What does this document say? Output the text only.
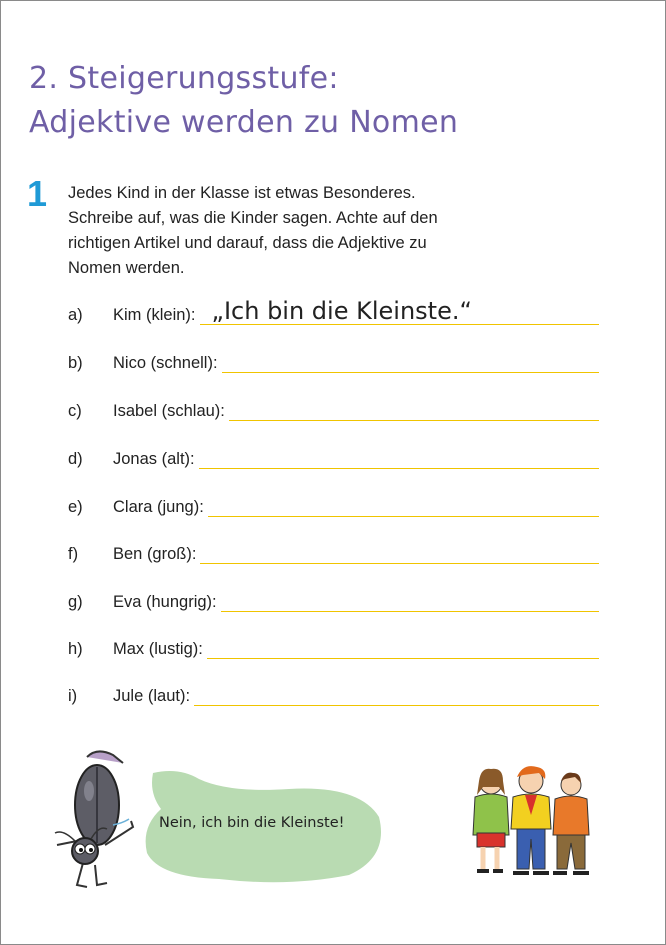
2. Steigerungsstufe:
Adjektive werden zu Nomen
1 Jedes Kind in der Klasse ist etwas Besonderes.
Schreibe auf, was die Kinder sagen. Achte auf den
richtigen Artikel und darauf, dass die Adjektive zu
Nomen werden.
a)	Kim (klein): „Ich bin die Kleinste.“
b)	Nico (schnell):
c)	Isabel (schlau):
d)	Jonas (alt):
e)	Clara (jung):
f)	Ben (groß):
g)	Eva (hungrig):
h)	Max (lustig):
i)	Jule (laut):
Nein, ich bin die Kleinste!
